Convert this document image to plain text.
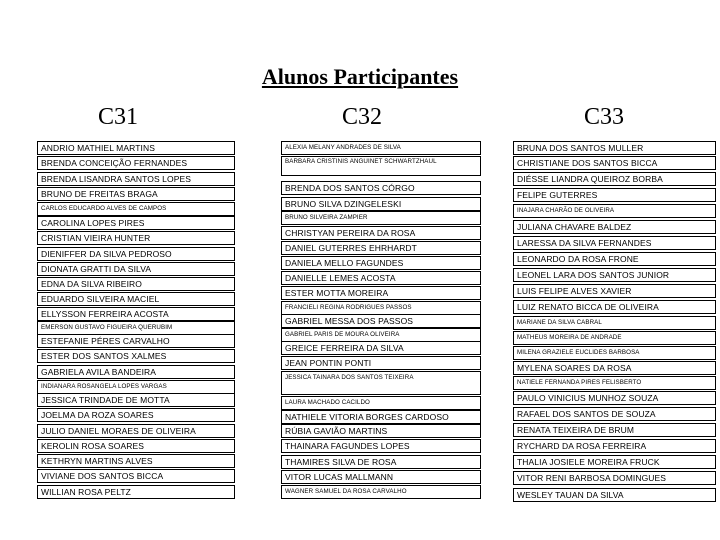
Alunos Participantes
C31	C32	C33
ANDRIO MATHIEL MARTINS
BRENDA CONCEIÇÃO FERNANDES
BRENDA LISANDRA SANTOS LOPES
BRUNO DE FREITAS BRAGA
CARLOS EDUCARDO ALVES DE CAMPOS
CAROLINA LOPES PIRES
CRISTIAN VIEIRA HUNTER
DIENIFFER DA SILVA PEDROSO
DIONATA GRATTI DA SILVA
EDNA DA SILVA RIBEIRO
EDUARDO SILVEIRA MACIEL
ELLYSSON FERREIRA ACOSTA
EMERSON GUSTAVO FIGUEIRA QUERUBIM
ESTEFANIE PÉRES CARVALHO
ESTER DOS SANTOS XALMES
GABRIELA AVILA BANDEIRA
INDIANARA ROSANGELA LOPES VARGAS
JESSICA TRINDADE DE MOTTA
JOELMA DA ROZA SOARES
JULIO DANIEL MORAES DE OLIVEIRA
KEROLIN ROSA SOARES
KETHRYN MARTINS ALVES
VIVIANE DOS SANTOS BICCA
WILLIAN ROSA PELTZ
ALEXIA MELANY ANDRADES DE SILVA
BARBARA CRISTINIS ANGUINET SCHWARTZHAUL
BRENDA DOS SANTOS CÓRGO
BRUNO SILVA DZINGELESKI
BRUNO SILVEIRA ZAMPIER
CHRISTYAN PEREIRA DA ROSA
DANIEL GUTERRES EHRHARDT
DANIELA MELLO FAGUNDES
DANIELLE LEMES ACOSTA
ESTER MOTTA MOREIRA
FRANCIELI REGINA RODRIGUES PASSOS
GABRIEL MESSA DOS PASSOS
GABRIEL PARIS DE MOURA OLIVEIRA
GREICE FERREIRA DA SILVA
JEAN PONTIN PONTI
JESSICA TAINARA DOS SANTOS TEIXEIRA
LAURA MACHADO CACILDO
NATHIELE VITORIA BORGES CARDOSO
RÚBIA GAVIÃO MARTINS
THAINARA FAGUNDES LOPES
THAMIRES SILVA DE ROSA
VITOR LUCAS MALLMANN
WAGNER SAMUEL DA ROSA CARVALHO
BRUNA DOS SANTOS MULLER
CHRISTIANE DOS SANTOS BICCA
DIÉSSE LIANDRA QUEIROZ BORBA
FELIPE GUTERRES
INAJARA CHARÃO DE OLIVEIRA
JULIANA CHAVARE BALDEZ
LARESSA DA SILVA FERNANDES
LEONARDO DA ROSA FRONE
LEONEL LARA DOS SANTOS JUNIOR
LUIS FELIPE ALVES XAVIER
LUIZ RENATO BICCA DE OLIVEIRA
MARIANE DA SILVA CABRAL
MATHEUS MOREIRA DE ANDRADE
MILENA GRAZIELE EUCLIDES BARBOSA
MYLENA SOARES DA ROSA
NATIELE FERNANDA PIRES FELISBERTO
PAULO VINICIUS MUNHOZ SOUZA
RAFAEL DOS SANTOS DE SOUZA
RENATA TEIXEIRA DE BRUM
RYCHARD DA ROSA FERREIRA
THALIA JOSIELE MOREIRA FRUCK
VITOR RENI BARBOSA DOMINGUES
WESLEY TAUAN DA SILVA
